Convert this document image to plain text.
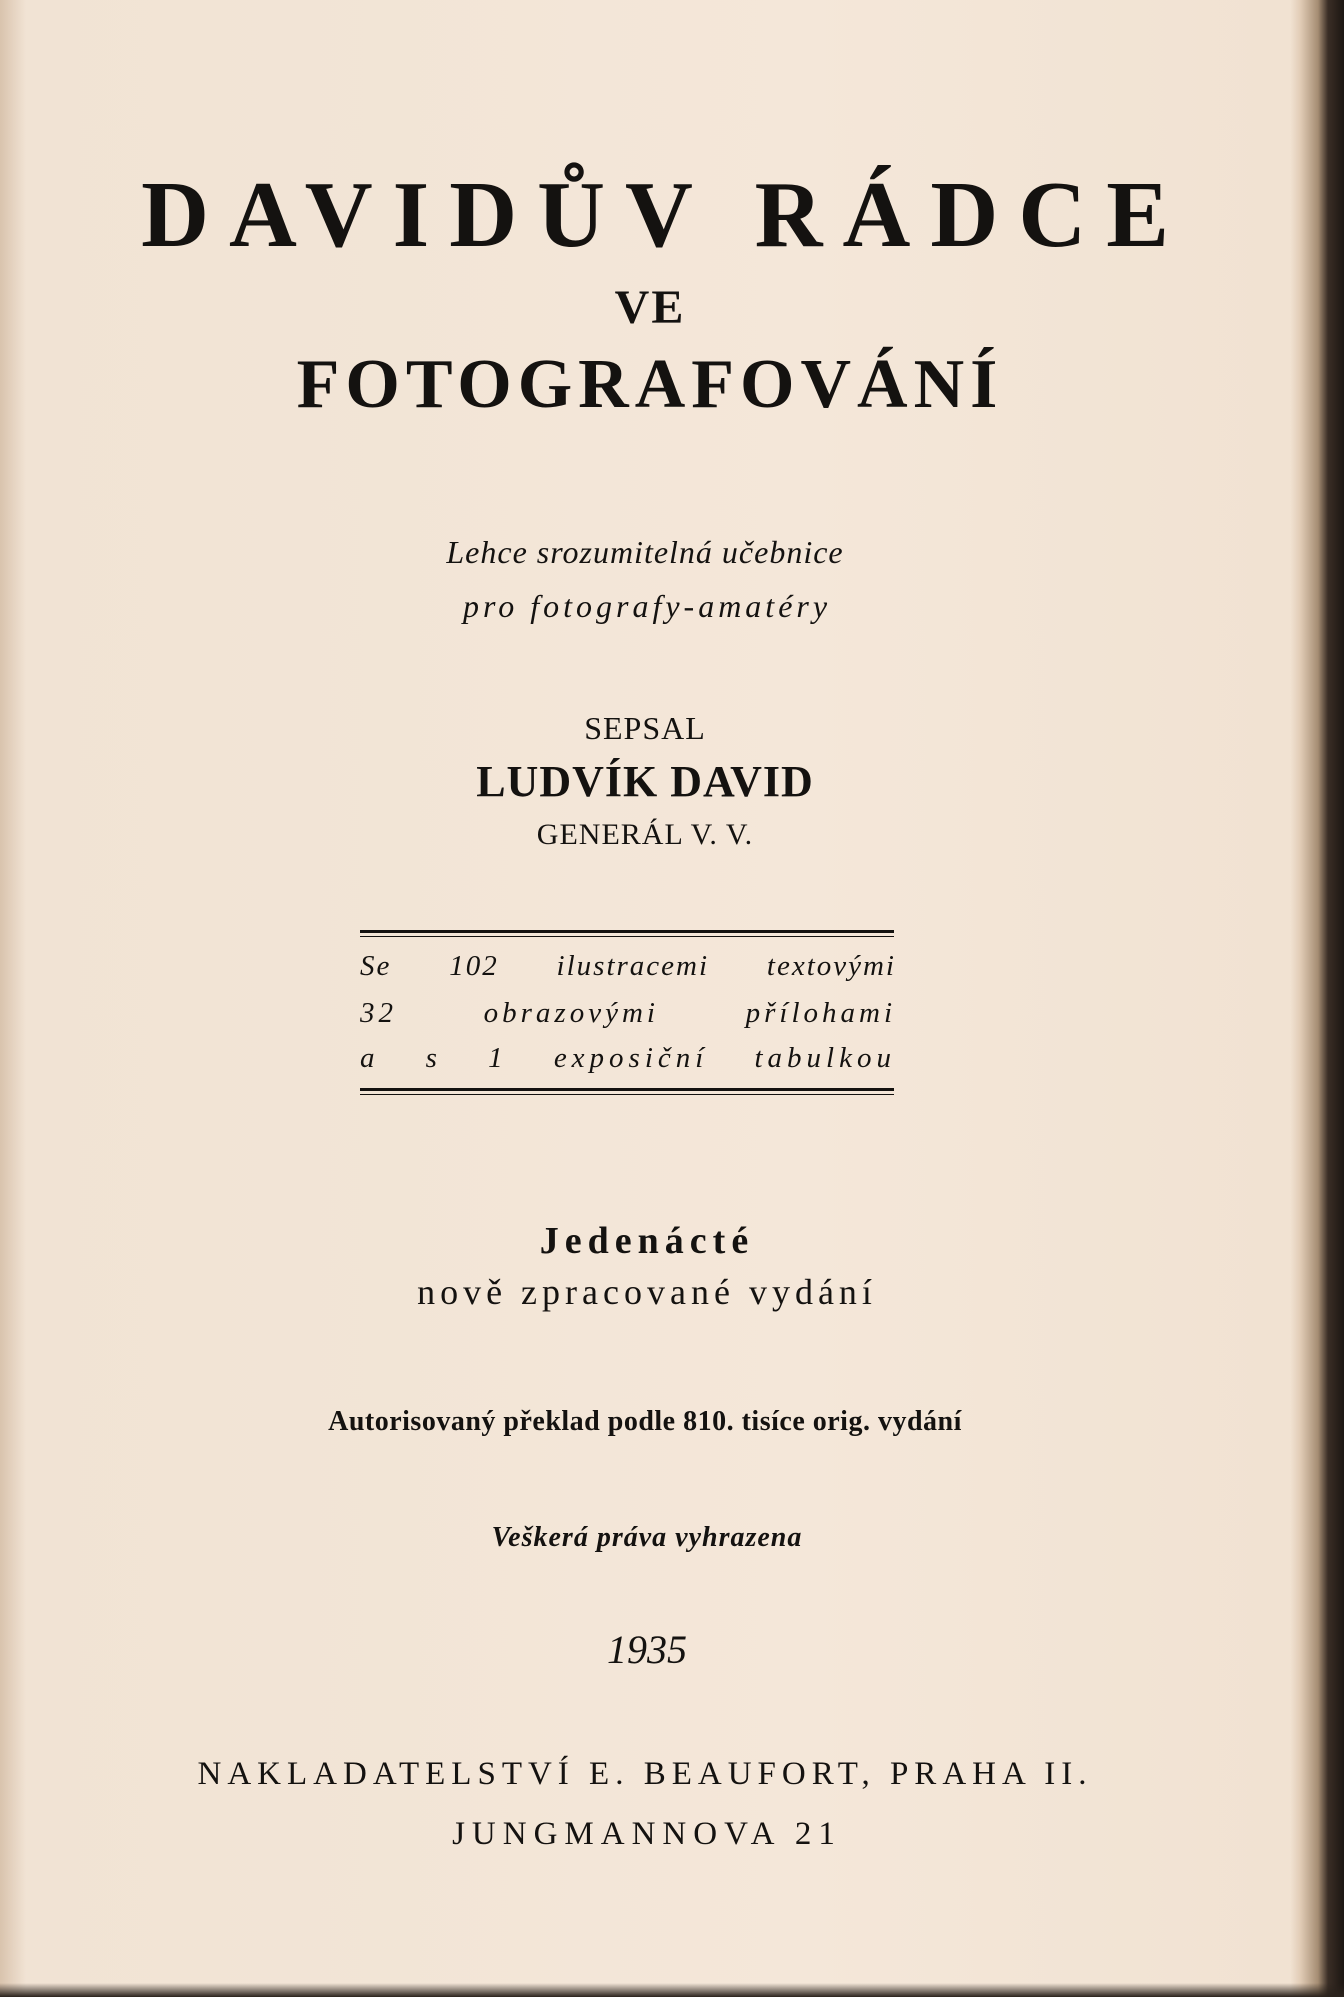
DAVIDŮV RÁDCE
VE
FOTOGRAFOVÁNÍ
Lehce srozumitelná učebnice
pro fotografy-amatéry
SEPSAL
LUDVÍK DAVID
GENERÁL V. V.
Se 102 ilustracemi textovými
32 obrazovými přílohami
a s 1 exposiční tabulkou
Jedenácté
nově zpracované vydání
Autorisovaný překlad podle 810. tisíce orig. vydání
Veškerá práva vyhrazena
1935
NAKLADATELSTVÍ E. BEAUFORT, PRAHA II.
JUNGMANNOVA 21
